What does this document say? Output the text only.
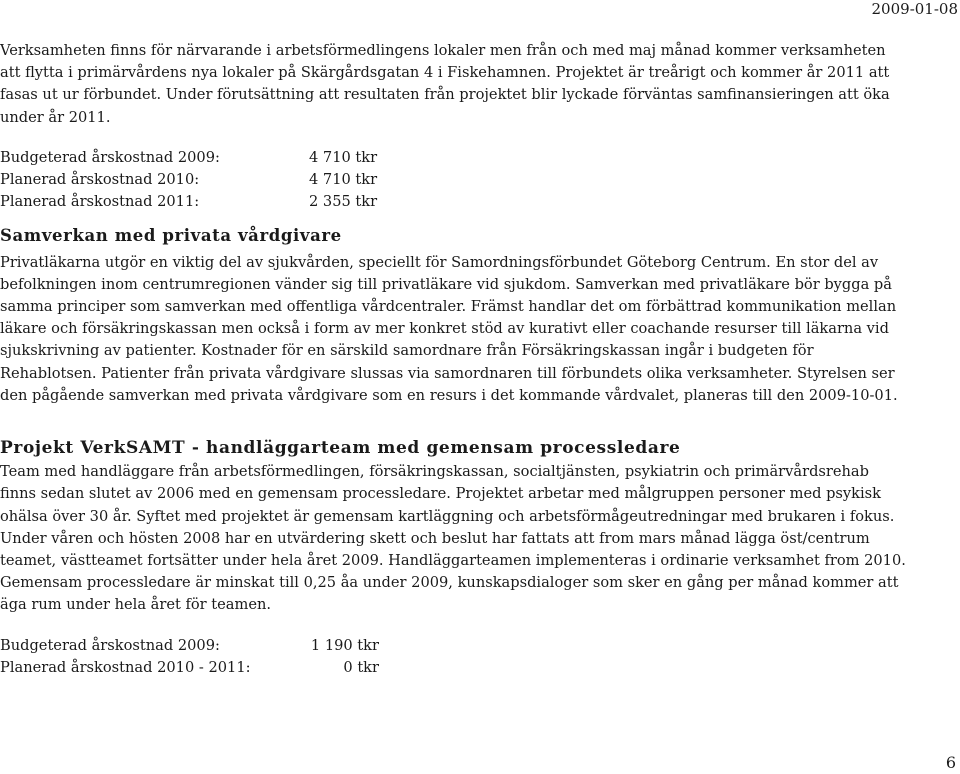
2009-01-08
Verksamheten finns för närvarande i arbetsförmedlingens lokaler men från och med maj månad kommer verksamheten
att flytta i primärvårdens nya lokaler på Skärgårdsgatan 4 i Fiskehamnen. Projektet är treårigt och kommer år 2011 att
fasas ut ur förbundet. Under förutsättning att resultaten från projektet blir lyckade förväntas samfinansieringen att öka
under år 2011.
Budgeterad årskostnad 2009:	4 710 tkr
Planerad årskostnad 2010:	4 710 tkr
Planerad årskostnad 2011:	2 355 tkr
Samverkan med privata vårdgivare
Privatläkarna utgör en viktig del av sjukvården, speciellt för Samordningsförbundet Göteborg Centrum. En stor del av
befolkningen inom centrumregionen vänder sig till privatläkare vid sjukdom. Samverkan med privatläkare bör bygga på
samma principer som samverkan med offentliga vårdcentraler. Främst handlar det om förbättrad kommunikation mellan
läkare och försäkringskassan men också i form av mer konkret stöd av kurativt eller coachande resurser till läkarna vid
sjukskrivning av patienter. Kostnader för en särskild samordnare från Försäkringskassan ingår i budgeten för
Rehablotsen. Patienter från privata vårdgivare slussas via samordnaren till förbundets olika verksamheter. Styrelsen ser
den pågående samverkan med privata vårdgivare som en resurs i det kommande vårdvalet, planeras till den 2009-10-01.
Projekt VerkSAMT - handläggarteam med gemensam processledare
Team med handläggare från arbetsförmedlingen, försäkringskassan, socialtjänsten, psykiatrin och primärvårdsrehab
finns sedan slutet av 2006 med en gemensam processledare. Projektet arbetar med målgruppen personer med psykisk
ohälsa över 30 år. Syftet med projektet är gemensam kartläggning och arbetsförmågeutredningar med brukaren i fokus.
Under våren och hösten 2008 har en utvärdering skett och beslut har fattats att from mars månad lägga öst/centrum
teamet, västteamet fortsätter under hela året 2009. Handläggarteamen implementeras i ordinarie verksamhet from 2010.
Gemensam processledare är minskat till 0,25 åa under 2009, kunskapsdialoger som sker en gång per månad kommer att
äga rum under hela året för teamen.
Budgeterad årskostnad 2009:	1 190 tkr
Planerad årskostnad 2010 - 2011:	0 tkr
6
